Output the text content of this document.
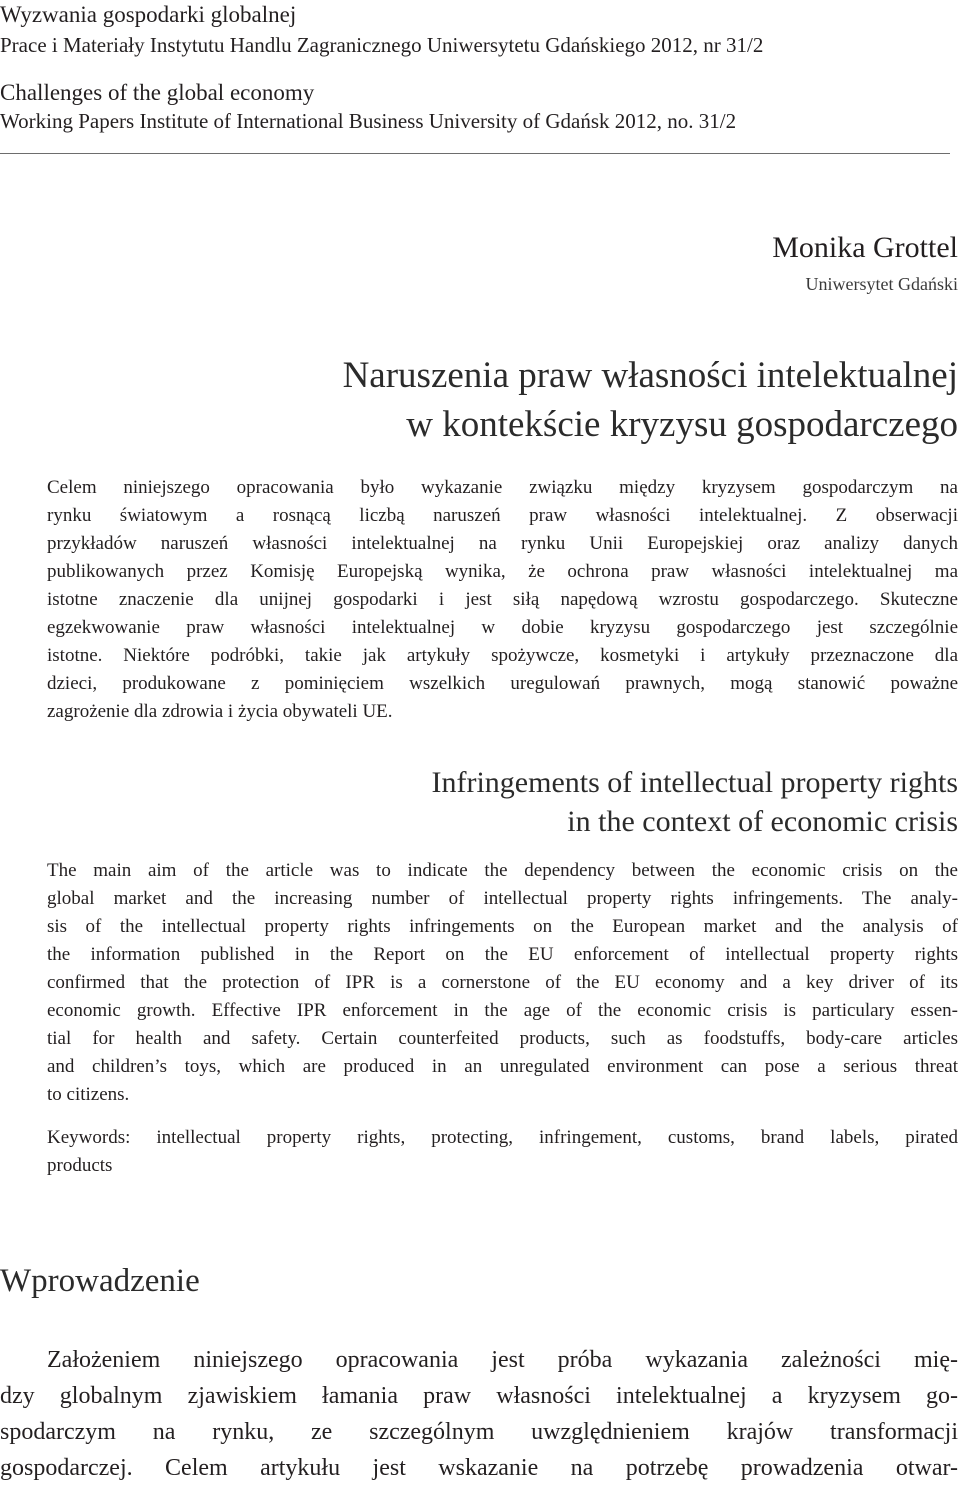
Wyzwania gospodarki globalnej
Prace i Materiały Instytutu Handlu Zagranicznego Uniwersytetu Gdańskiego 2012, nr 31/2
Challenges of the global economy
Working Papers Institute of International Business University of Gdańsk 2012, no. 31/2
Monika Grottel
Uniwersytet Gdański
Naruszenia praw własności intelektualnej
w kontekście kryzysu gospodarczego
Celem niniejszego opracowania było wykazanie związku między kryzysem gospodarczym na
rynku światowym a rosnącą liczbą naruszeń praw własności intelektualnej. Z obserwacji
przykładów naruszeń własności intelektualnej na rynku Unii Europejskiej oraz analizy danych
publikowanych przez Komisję Europejską wynika, że ochrona praw własności intelektualnej ma
istotne znaczenie dla unijnej gospodarki i jest siłą napędową wzrostu gospodarczego. Skuteczne
egzekwowanie praw własności intelektualnej w dobie kryzysu gospodarczego jest szczególnie
istotne. Niektóre podróbki, takie jak artykuły spożywcze, kosmetyki i artykuły przeznaczone dla
dzieci, produkowane z pominięciem wszelkich uregulowań prawnych, mogą stanowić poważne
zagrożenie dla zdrowia i życia obywateli UE.
Infringements of intellectual property rights
in the context of economic crisis
The main aim of the article was to indicate the dependency between the economic crisis on the
global market and the increasing number of intellectual property rights infringements. The analy-
sis of the intellectual property rights infringements on the European market and the analysis of
the information published in the Report on the EU enforcement of intellectual property rights
confirmed that the protection of IPR is a cornerstone of the EU economy and a key driver of its
economic growth. Effective IPR enforcement in the age of the economic crisis is particulary essen-
tial for health and safety. Certain counterfeited products, such as foodstuffs, body-care articles
and children’s toys, which are produced in an unregulated environment can pose a serious threat
to citizens.
Keywords: intellectual property rights, protecting, infringement, customs, brand labels, pirated
products
Wprowadzenie
Założeniem niniejszego opracowania jest próba wykazania zależności mię-
dzy globalnym zjawiskiem łamania praw własności intelektualnej a kryzysem go-
spodarczym na rynku, ze szczególnym uwzględnieniem krajów transformacji
gospodarczej. Celem artykułu jest wskazanie na potrzebę prowadzenia otwar-
